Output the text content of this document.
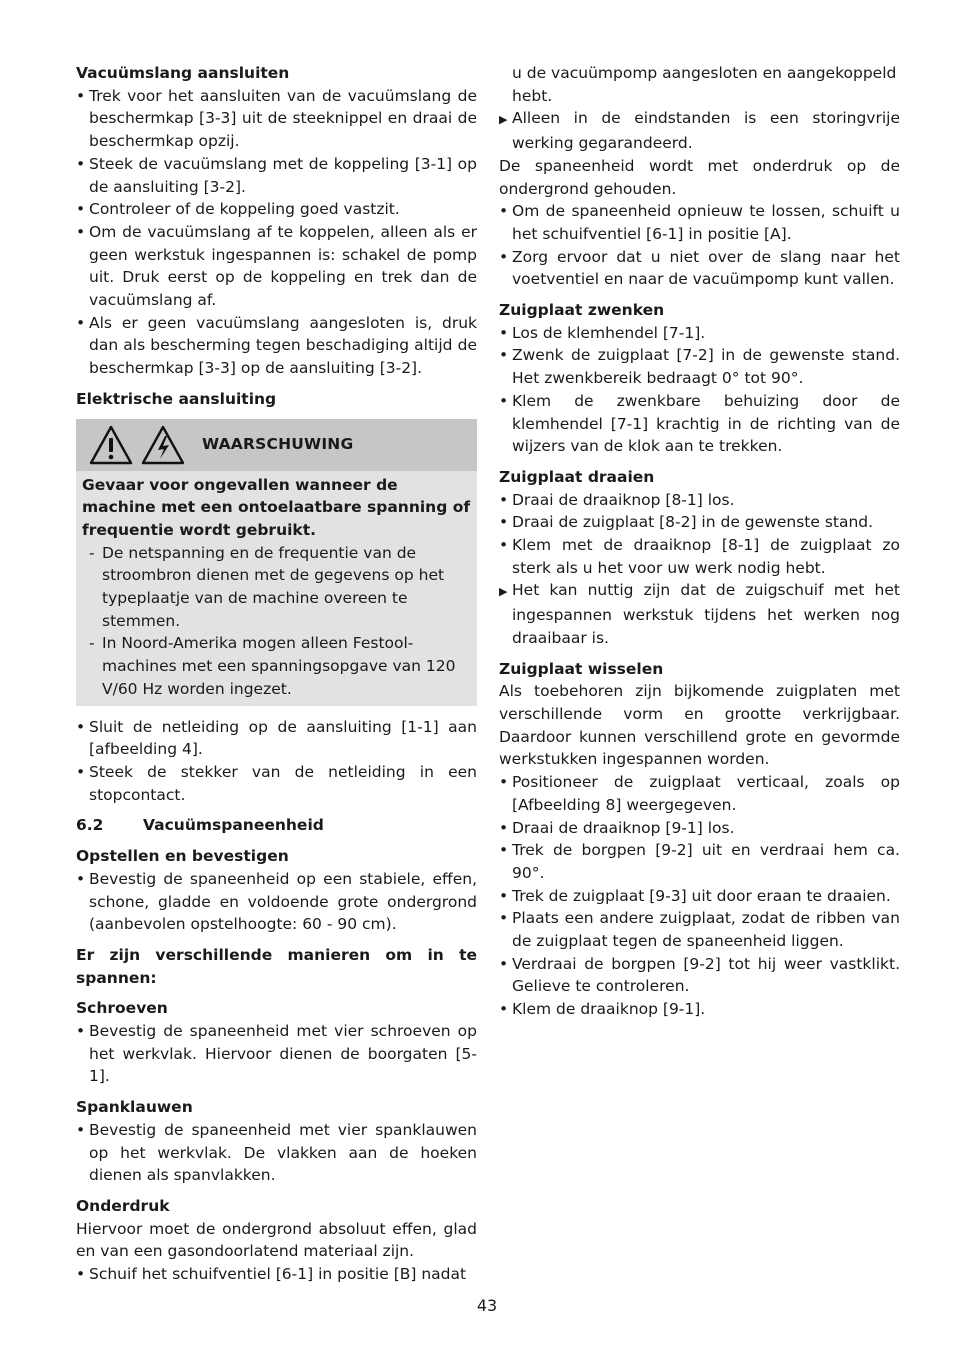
Vacuümslang aansluiten

• Trek voor het aansluiten van de vacuümslang de beschermkap [3-3] uit de steeknippel en draai de beschermkap opzij.

• Steek de vacuümslang met de koppeling [3-1] op de aansluiting [3-2].

• Controleer of de koppeling goed vastzit.

• Om de vacuümslang af te koppelen, alleen als er geen werkstuk ingespannen is: schakel de pomp uit. Druk eerst op de koppeling en trek dan de vacuümslang af.

• Als er geen vacuümslang aangesloten is, druk dan als bescherming tegen beschadiging altijd de beschermkap [3-3] op de aansluiting [3-2].

Elektrische aansluiting

WAARSCHUWING

Gevaar voor ongevallen wanneer de machine met een ontoelaatbare spanning of frequentie wordt gebruikt.

- De netspanning en de frequentie van de stroombron dienen met de gegevens op het typeplaatje van de machine overeen te stemmen.

- In Noord-Amerika mogen alleen Festool-machines met een spanningsopgave van 120 V/60 Hz worden ingezet.

• Sluit de netleiding op de aansluiting [1-1] aan [afbeelding 4].

• Steek de stekker van de netleiding in een stopcontact.

6.2	Vacuümspaneenheid

Opstellen en bevestigen

• Bevestig de spaneenheid op een stabiele, effen, schone, gladde en voldoende grote ondergrond (aanbevolen opstelhoogte: 60 - 90 cm).

Er zijn verschillende manieren om in te spannen:

Schroeven

• Bevestig de spaneenheid met vier schroeven op het werkvlak. Hiervoor dienen de boorgaten [5-1].

Spanklauwen

• Bevestig de spaneenheid met vier spanklauwen op het werkvlak. De vlakken aan de hoeken dienen als spanvlakken.

Onderdruk

Hiervoor moet de ondergrond absoluut effen, glad en van een gasondoorlatend materiaal zijn.

• Schuif het schuifventiel [6-1] in positie [B] nadat

u de vacuümpomp aangesloten en aangekoppeld hebt.

▶ Alleen in de eindstanden is een storingvrije werking gegarandeerd.

De spaneenheid wordt met onderdruk op de ondergrond gehouden.

• Om de spaneenheid opnieuw te lossen, schuift u het schuifventiel [6-1] in positie [A].

• Zorg ervoor dat u niet over de slang naar het voetventiel en naar de vacuümpomp kunt vallen.

Zuigplaat zwenken

• Los de klemhendel [7-1].

• Zwenk de zuigplaat [7-2] in de gewenste stand. Het zwenkbereik bedraagt 0° tot 90°.

• Klem de zwenkbare behuizing door de klemhendel [7-1] krachtig in de richting van de wijzers van de klok aan te trekken.

Zuigplaat draaien

• Draai de draaiknop [8-1] los.

• Draai de zuigplaat [8-2] in de gewenste stand.

• Klem met de draaiknop [8-1] de zuigplaat zo sterk als u het voor uw werk nodig hebt.

▶ Het kan nuttig zijn dat de zuigschuif met het ingespannen werkstuk tijdens het werken nog draaibaar is.

Zuigplaat wisselen

Als toebehoren zijn bijkomende zuigplaten met verschillende vorm en grootte verkrijgbaar. Daardoor kunnen verschillend grote en gevormde werkstukken ingespannen worden.

• Positioneer de zuigplaat verticaal, zoals op [Afbeelding 8] weergegeven.

• Draai de draaiknop [9-1] los.

• Trek de borgpen [9-2] uit en verdraai hem ca. 90°.

• Trek de zuigplaat [9-3] uit door eraan te draaien.

• Plaats een andere zuigplaat, zodat de ribben van de zuigplaat tegen de spaneenheid liggen.

• Verdraai de borgpen [9-2] tot hij weer vastklikt. Gelieve te controleren.

• Klem de draaiknop [9-1].

43
